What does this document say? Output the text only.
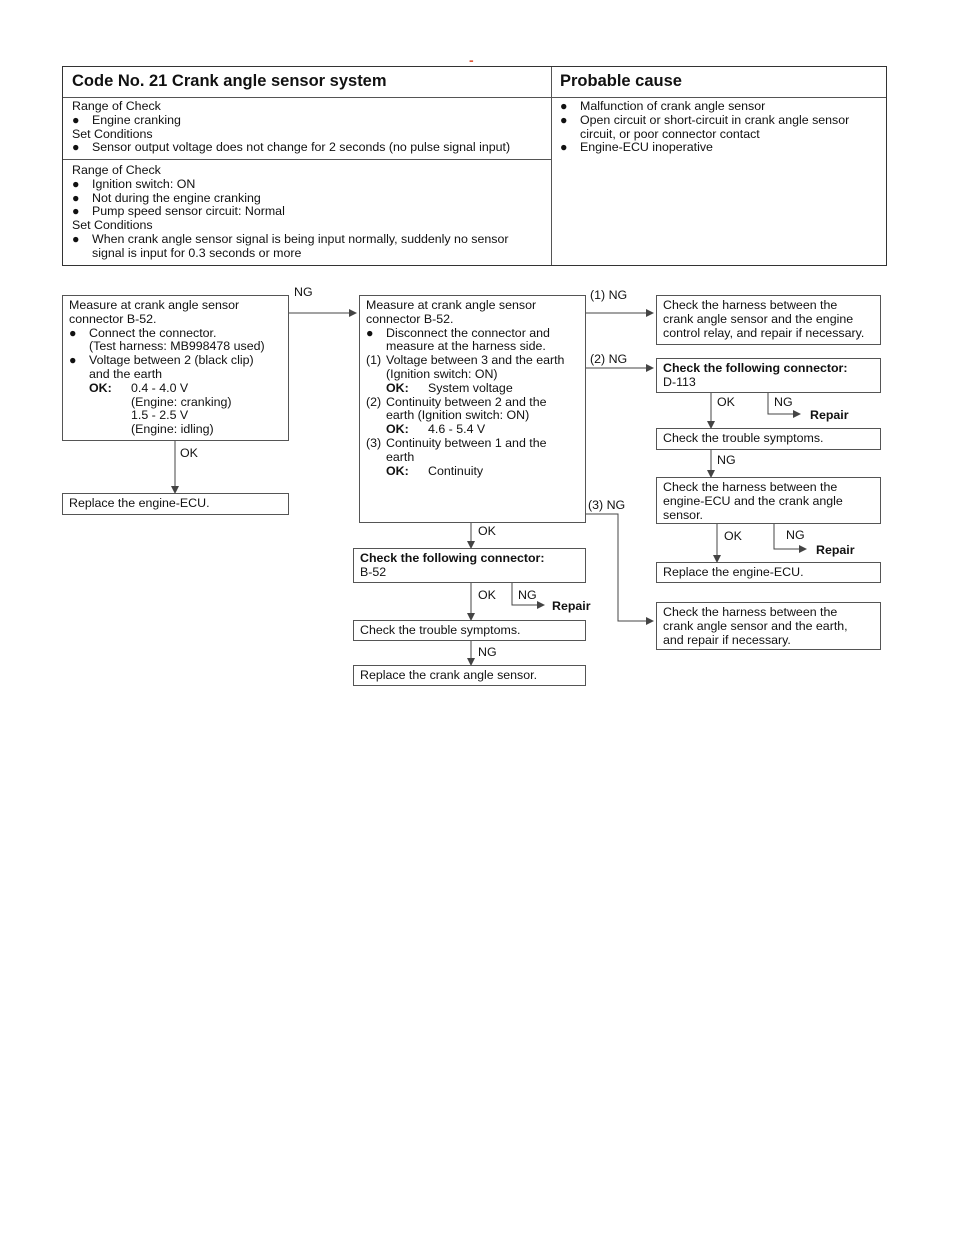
-
Code No. 21 Crank angle sensor system	Probable cause
Range of Check
●	Engine cranking
Set Conditions
●	Sensor output voltage does not change for 2 seconds (no pulse signal input)
Range of Check
●	Ignition switch: ON
●	Not during the engine cranking
●	Pump speed sensor circuit: Normal
Set Conditions
●	When crank angle sensor signal is being input normally, suddenly no sensor
signal is input for 0.3 seconds or more
●	Malfunction of crank angle sensor
●	Open circuit or short-circuit in crank angle sensor
circuit, or poor connector contact
●	Engine-ECU inoperative
Measure at crank angle sensor
connector B-52.
●	Connect the connector.
(Test harness: MB998478 used)
●	Voltage between 2 (black clip)
and the earth
OK:	0.4 - 4.0 V
(Engine: cranking)
1.5 - 2.5 V
(Engine: idling)
Replace the engine-ECU.
Measure at crank angle sensor
connector B-52.
●	Disconnect the connector and
measure at the harness side.
(1) Voltage between 3 and the earth
(Ignition switch: ON)
OK:	System voltage
(2) Continuity between 2 and the
earth (Ignition switch: ON)
OK:	4.6 - 5.4 V
(3) Continuity between 1 and the
earth
OK:	Continuity
Check the following connector:
B-52
Check the trouble symptoms.
Replace the crank angle sensor.
Check the harness between the
crank angle sensor and the engine
control relay, and repair if necessary.
Check the following connector:
D-113
Check the trouble symptoms.
Check the harness between the
engine-ECU and the crank angle
sensor.
Replace the engine-ECU.
Check the harness between the
crank angle sensor and the earth,
and repair if necessary.
NG
OK
(1) NG
(2) NG
(3) NG
OK
OK NG
Repair
NG
OK	NG
Repair
NG
OK	NG
Repair
